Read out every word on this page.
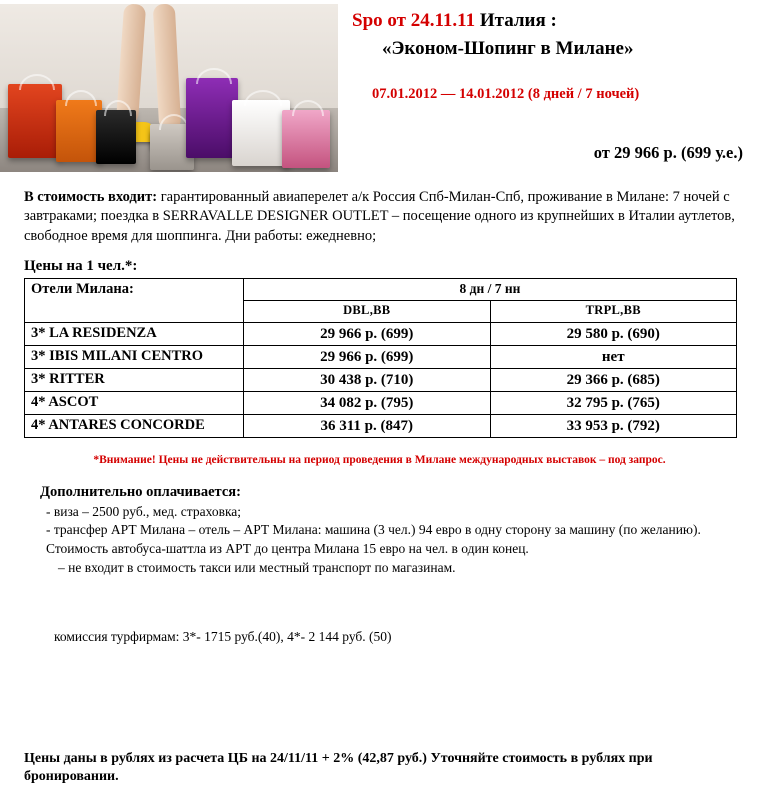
Spo от 24.11.11 Италия :
«Эконом-Шопинг в Милане»
07.01.2012 — 14.01.2012 (8 дней / 7 ночей)
от 29 966 р. (699 у.е.)
В стоимость входит: гарантированный авиаперелет а/к Россия Спб-Милан-Спб, проживание в Милане: 7 ночей с завтраками; поездка в SERRAVALLE DESIGNER OUTLET – посещение одного из крупнейших в Италии аутлетов, свободное время для шоппинга. Дни работы: ежедневно;
Цены на 1 чел.*:
Отели Милана:	8 дн / 7 нн	
	DBL,BB	TRPL,BB
3* LA RESIDENZA	29 966 р. (699)	29 580 р. (690)
3* IBIS MILANI CENTRO	29 966 р. (699)	нет
3* RITTER	30 438 р. (710)	29 366 р. (685)
4* ASCOT	34 082 р. (795)	32 795 р. (765)
4* ANTARES CONCORDE	36 311 р. (847)	33 953 р. (792)
*Внимание! Цены не действительны на период проведения в Милане международных выставок – под запрос.
Дополнительно оплачивается:
- виза – 2500 руб., мед. страховка;
- трансфер АРТ Милана – отель – АРТ Милана: машина (3 чел.) 94 евро в одну сторону за машину (по желанию). Стоимость автобуса-шаттла из АРТ до центра Милана 15 евро на чел. в один конец.
– не входит в стоимость такси или местный транспорт по магазинам.
комиссия турфирмам: 3*- 1715 руб.(40), 4*- 2 144 руб. (50)
Цены даны в рублях из расчета ЦБ на 24/11/11 + 2% (42,87 руб.) Уточняйте стоимость в рублях при бронировании.
